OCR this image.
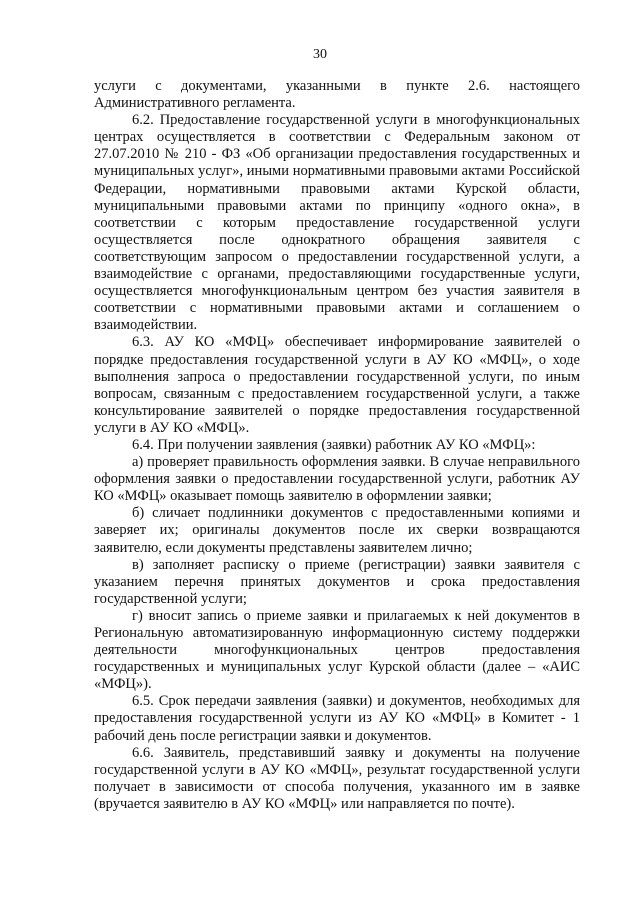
30

услуги с документами, указанными в пункте 2.6. настоящего Административного регламента.

6.2. Предоставление государственной услуги в многофункциональных центрах осуществляется в соответствии с Федеральным законом от 27.07.2010 № 210 - ФЗ «Об организации предоставления государственных и муниципальных услуг», иными нормативными правовыми актами Российской Федерации, нормативными правовыми актами Курской области, муниципальными правовыми актами по принципу «одного окна», в соответствии с которым предоставление государственной услуги осуществляется после однократного обращения заявителя с соответствующим запросом о предоставлении государственной услуги, а взаимодействие с органами, предоставляющими государственные услуги, осуществляется многофункциональным центром без участия заявителя в соответствии с нормативными правовыми актами и соглашением о взаимодействии.

6.3. АУ КО «МФЦ» обеспечивает информирование заявителей о порядке предоставления государственной услуги в АУ КО «МФЦ», о ходе выполнения запроса о предоставлении государственной услуги, по иным вопросам, связанным с предоставлением государственной услуги, а также консультирование заявителей о порядке предоставления государственной услуги в АУ КО «МФЦ».

6.4. При получении заявления (заявки) работник АУ КО «МФЦ»:

а) проверяет правильность оформления заявки. В случае неправильного оформления заявки о предоставлении государственной услуги, работник АУ КО «МФЦ» оказывает помощь заявителю в оформлении заявки;

б) сличает подлинники документов с предоставленными копиями и заверяет их; оригиналы документов после их сверки возвращаются заявителю, если документы представлены заявителем лично;

в) заполняет расписку о приеме (регистрации) заявки заявителя с указанием перечня принятых документов и срока предоставления государственной услуги;

г) вносит запись о приеме заявки и прилагаемых к ней документов в Региональную автоматизированную информационную систему поддержки деятельности многофункциональных центров предоставления государственных и муниципальных услуг Курской области (далее – «АИС «МФЦ»).

6.5. Срок передачи заявления (заявки) и документов, необходимых для предоставления государственной услуги из АУ КО «МФЦ» в Комитет - 1 рабочий день после регистрации заявки и документов.

6.6. Заявитель, представивший заявку и документы на получение государственной услуги в АУ КО «МФЦ», результат государственной услуги получает в зависимости от способа получения, указанного им в заявке (вручается заявителю в АУ КО «МФЦ» или направляется по почте).
